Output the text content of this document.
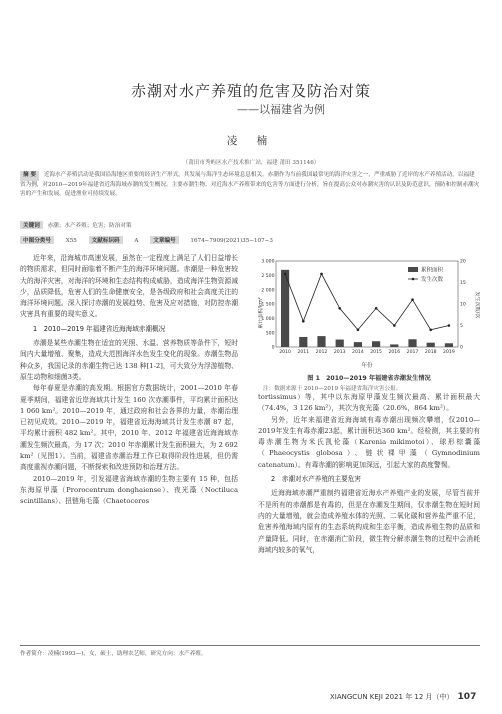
赤潮对水产养殖的危害及防治对策
——以福建省为例
凌 楠
（莆田市秀屿区水产技术推广站，福建 莆田 351146）
摘 要 近海水产养殖活动是我国沿海地区重要的经济生产形式，其发展与海洋生态环境息息相关。赤潮作为当前我国最常见的海洋灾害之一，严重威胁了近岸的水产养殖活动。以福建省为例，对2010—2019年福建省近海海域赤潮的发生概况、主要赤潮生物、对近海水产养殖带来的危害等方面进行分析，旨在提高公众对赤潮灾害的认识及防范意识，预防和控制赤潮灾害的产生和发展，促进渔业可持续发展。
关键词 赤潮；水产养殖；危害；防治对策
中图分类号	X55	文献标识码	A	文章编号	1674−7909(2021)35−107−3

近年来，沿海城市高速发展，虽然在一定程度上满足了人们日益增长的物质需求，但同时面临着不断产生的海洋环境问题。赤潮是一种危害较大的海洋灾害，对海洋的环境和生态结构构成威胁，造成海洋生物资源减少，品质降低，危害人们的生命健康安全，是各级政府和社会高度关注的海洋环境问题。深入探讨赤潮的发展趋势、危害及应对措施，对防控赤潮灾害具有重要的现实意义。

1　2010—2019 年福建省近海海域赤潮概况

赤潮是某些赤潮生物在适宜的光照、水温、营养物质等条件下，短时间内大量增殖、聚集，造成大范围海洋水色发生变化的现象。赤潮生物品种众多，我国记录的赤潮生物已达 138 种[1-2]，可大致分为浮游植物、原生动物和细菌3类。

每年春夏是赤潮的高发期。根据官方数据统计，2001—2010 年春夏季期间，福建省近岸海域共计发生 160 次赤潮事件，平均累计面积达 1 060 km²。2010—2019 年，通过政府和社会各界的力量，赤潮治理已初见成效。2010—2019 年，福建省近海海域共计发生赤潮 87 起，平均累计面积 482 km²。其中，2010 年、2012 年福建省近海海域赤潮发生频次最高，为 17 次；2010 年赤潮累计发生面积最大，为 2 692 km²（见图1）。当前，福建省赤潮治理工作已取得阶段性进展，但仍需高度重视赤潮问题，不断探索和改进预防和治理方法。

2010—2019 年，引发福建省海域赤潮的生物主要有 15 种，包括东海原甲藻（Prorocentrum donghaiense）、夜光藻（Noctiluca scintillans）、扭链角毛藻（Chaetoceros

0
500
1 000
1 500
2 000
2 500
3 000
0
5
10
15
20
2010 2011 2012 2013 2014 2015 2016 2017 2018 2019
累计面积/km²	发生次数/次
年份
累积面积
发生次数
图 1　2010—2019 年福建省赤潮发生情况
注：数据来源于 2010—2019 年福建省海洋灾害公报。

tortissimus）等，其中以东海原甲藻发生频次最高、累计面积最大（74.4%，3 126 km²），其次为夜光藻（20.6%，864 km²）。

另外，近年来福建省近海海域有毒赤潮出现频次攀增，仅2010—2019年发生有毒赤潮23起，累计面积达360 km²。经检测，其主要的有毒赤潮生物为米氏凯伦藻（Karenia mikimotoi）、球形棕囊藻（Phaeocystis globosa）、链状裸甲藻（Gymnodinium catenatum）。有毒赤潮的影响更加深远，引起大家的高度警惕。

2　赤潮对水产养殖的主要危害

近海海域赤潮严重制约福建省近海水产养殖产业的发展，尽管当前并不是所有的赤潮都是有毒的，但是在赤潮发生期间，仅赤潮生物在短时间内的大量增殖，就会造成养殖水体的光照、二氧化碳和营养盐严重不足，危害养殖海域内原有的生态系统构成和生态平衡，造成养殖生物的品质和产量降低。同时，在赤潮消亡阶段，微生物分解赤潮生物的过程中会消耗海域内较多的氧气，

作者简介：凌楠(1993—)，女，硕士，助理农艺师，研究方向：水产养殖。
XIANGCUN KEJI 2021 年 12 月（中） 107
